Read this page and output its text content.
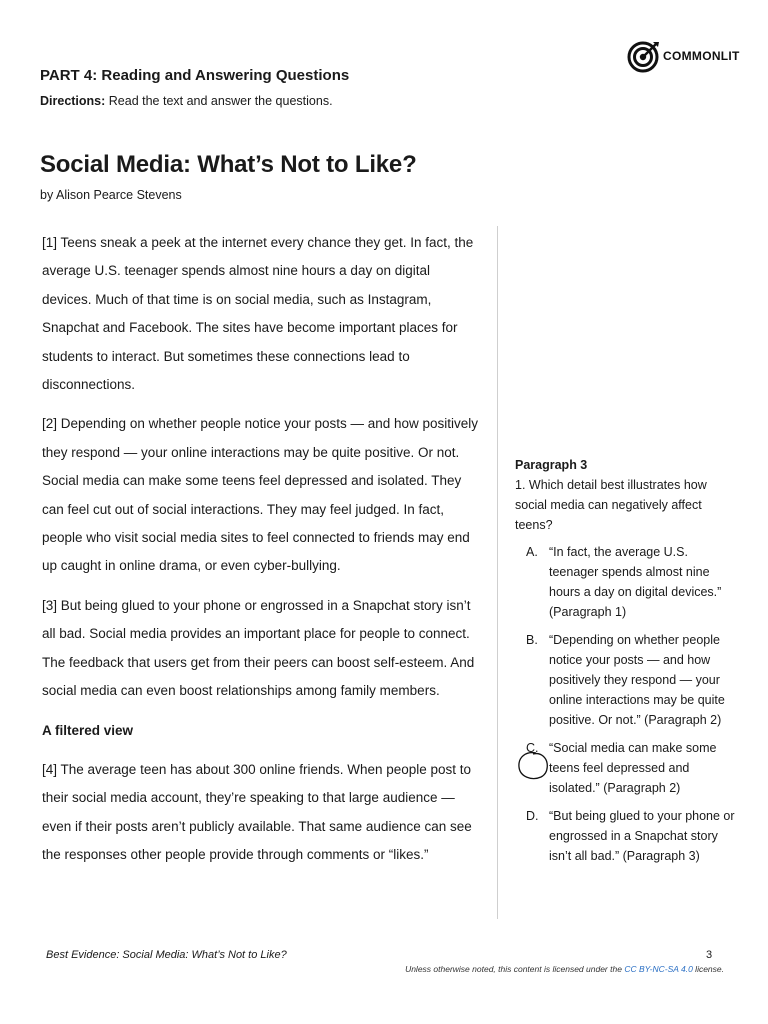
COMMONLIT
PART 4: Reading and Answering Questions
Directions: Read the text and answer the questions.
Social Media: What’s Not to Like?
by Alison Pearce Stevens

[1] Teens sneak a peek at the internet every chance they get. In fact, the average U.S. teenager spends almost nine hours a day on digital devices. Much of that time is on social media, such as Instagram, Snapchat and Facebook. The sites have become important places for students to interact. But sometimes these connections lead to disconnections.

[2] Depending on whether people notice your posts — and how positively they respond — your online interactions may be quite positive. Or not. Social media can make some teens feel depressed and isolated. They can feel cut out of social interactions. They may feel judged. In fact, people who visit social media sites to feel connected to friends may end up caught in online drama, or even cyber-bullying.

[3] But being glued to your phone or engrossed in a Snapchat story isn’t all bad. Social media provides an important place for people to connect. The feedback that users get from their peers can boost self-esteem. And social media can even boost relationships among family members.

A filtered view

[4] The average teen has about 300 online friends. When people post to their social media account, they’re speaking to that large audience — even if their posts aren’t publicly available. That same audience can see the responses other people provide through comments or “likes.”

Paragraph 3
1. Which detail best illustrates how social media can negatively affect teens?
A. “In fact, the average U.S. teenager spends almost nine hours a day on digital devices.” (Paragraph 1)
B. “Depending on whether people notice your posts — and how positively they respond — your online interactions may be quite positive. Or not.” (Paragraph 2)
C. “Social media can make some teens feel depressed and isolated.” (Paragraph 2)
D. “But being glued to your phone or engrossed in a Snapchat story isn’t all bad.” (Paragraph 3)
Best Evidence: Social Media: What’s Not to Like?	3
Unless otherwise noted, this content is licensed under the CC BY-NC-SA 4.0 license.
